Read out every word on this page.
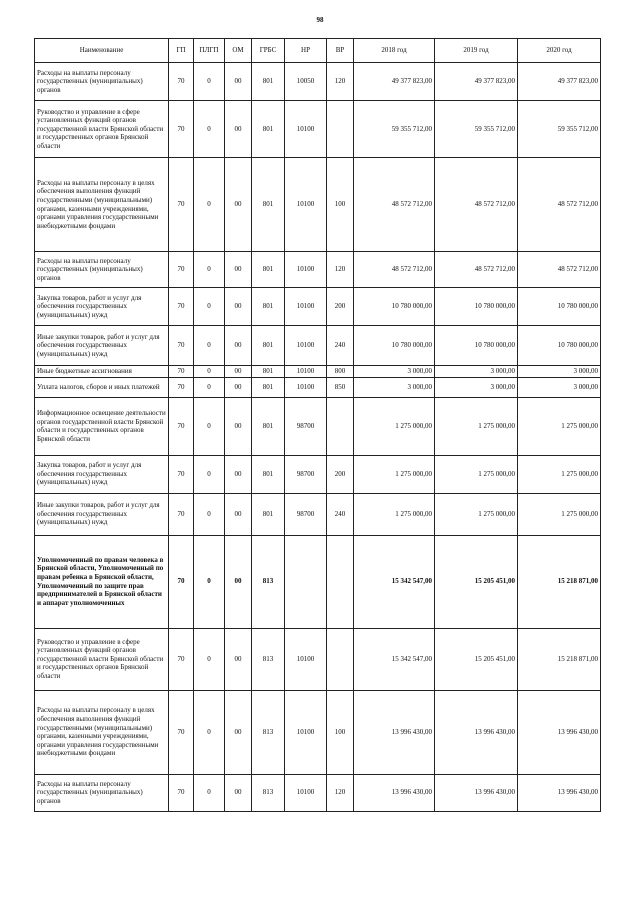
98
Наименование	ГП	ПЛГП	ОМ	ГРБС	НР	ВР	2018 год	2019 год	2020 год
Расходы на выплаты персоналу государственных (муниципальных) органов	70	0	00	801	10050	120	49 377 823,00	49 377 823,00	49 377 823,00
Руководство и управление в сфере установленных функций органов государственной власти Брянской области и государственных органов Брянской области	70	0	00	801	10100		59 355 712,00	59 355 712,00	59 355 712,00
Расходы на выплаты персоналу в целях обеспечения выполнения функций государственными (муниципальными) органами, казенными учреждениями, органами управления государственными внебюджетными фондами	70	0	00	801	10100	100	48 572 712,00	48 572 712,00	48 572 712,00
Расходы на выплаты персоналу государственных (муниципальных) органов	70	0	00	801	10100	120	48 572 712,00	48 572 712,00	48 572 712,00
Закупка товаров, работ и услуг для обеспечения государственных (муниципальных) нужд	70	0	00	801	10100	200	10 780 000,00	10 780 000,00	10 780 000,00
Иные закупки товаров, работ и услуг для обеспечения государственных (муниципальных) нужд	70	0	00	801	10100	240	10 780 000,00	10 780 000,00	10 780 000,00
Иные бюджетные ассигнования	70	0	00	801	10100	800	3 000,00	3 000,00	3 000,00
Уплата налогов, сборов и иных платежей	70	0	00	801	10100	850	3 000,00	3 000,00	3 000,00
Информационное освещение деятельности органов государственной власти Брянской области и государственных органов Брянской области	70	0	00	801	98700		1 275 000,00	1 275 000,00	1 275 000,00
Закупка товаров, работ и услуг для обеспечения государственных (муниципальных) нужд	70	0	00	801	98700	200	1 275 000,00	1 275 000,00	1 275 000,00
Иные закупки товаров, работ и услуг для обеспечения государственных (муниципальных) нужд	70	0	00	801	98700	240	1 275 000,00	1 275 000,00	1 275 000,00
Уполномоченный по правам человека в Брянской области, Уполномоченный по правам ребенка в Брянской области, Уполномоченный по защите прав предпринимателей в Брянской области и аппарат уполномоченных	70	0	00	813			15 342 547,00	15 205 451,00	15 218 871,00
Руководство и управление в сфере установленных функций органов государственной власти Брянской области и государственных органов Брянской области	70	0	00	813	10100		15 342 547,00	15 205 451,00	15 218 871,00
Расходы на выплаты персоналу в целях обеспечения выполнения функций государственными (муниципальными) органами, казенными учреждениями, органами управления государственными внебюджетными фондами	70	0	00	813	10100	100	13 996 430,00	13 996 430,00	13 996 430,00
Расходы на выплаты персоналу государственных (муниципальных) органов	70	0	00	813	10100	120	13 996 430,00	13 996 430,00	13 996 430,00
